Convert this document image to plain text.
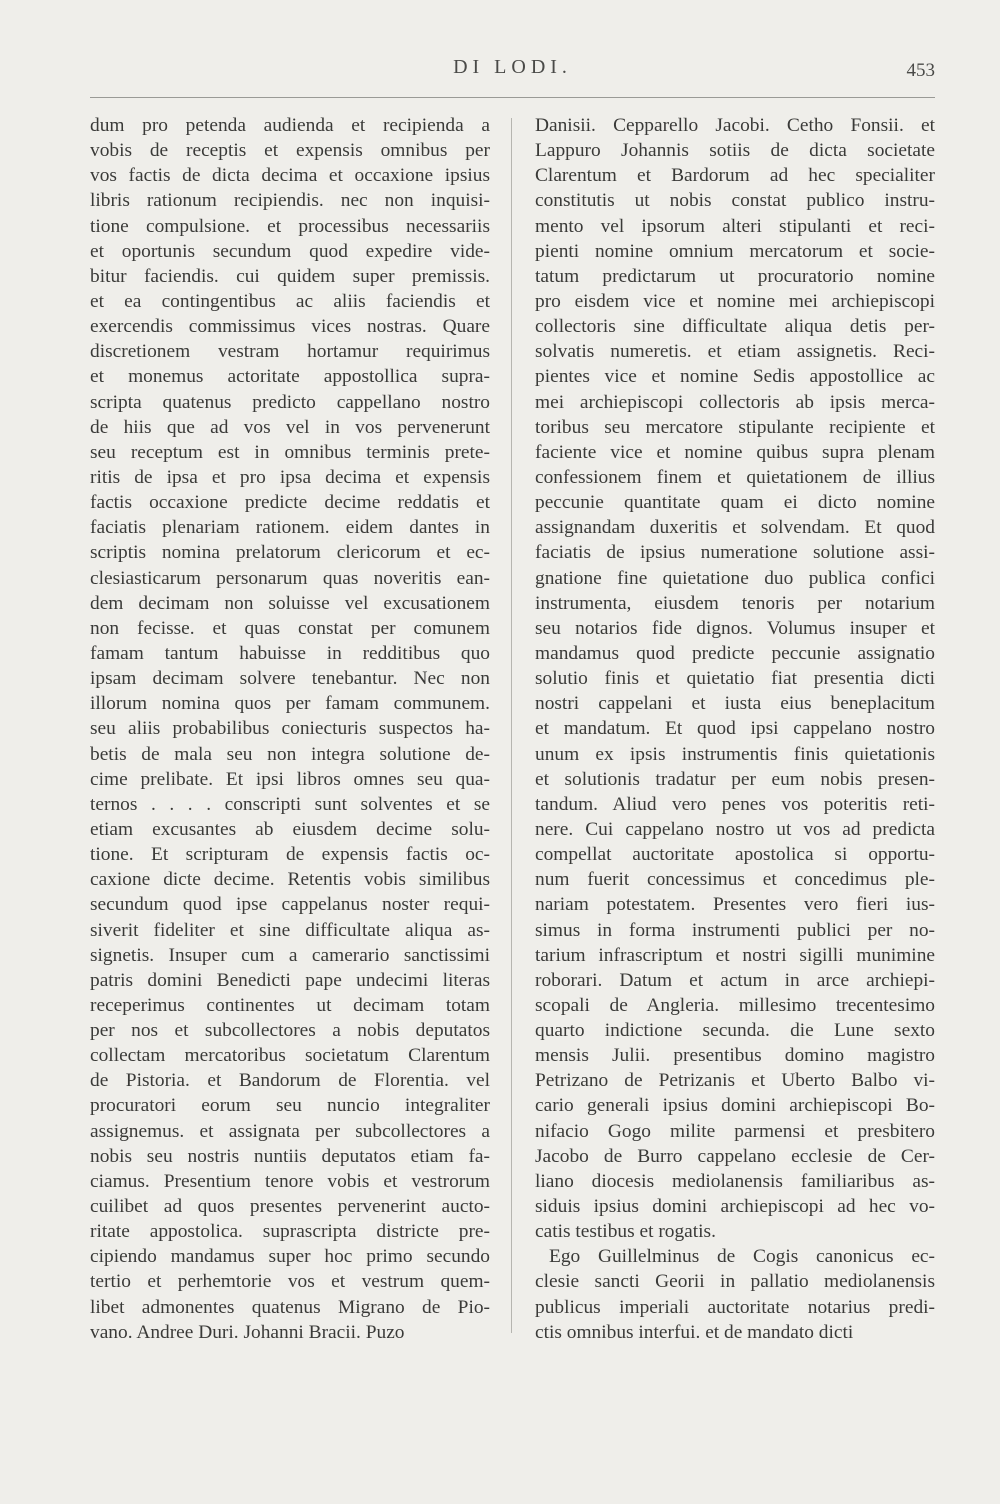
DI LODI.	453
dum pro petenda audienda et recipienda a
vobis de receptis et expensis omnibus per
vos factis de dicta decima et occaxione ipsius
libris rationum recipiendis. nec non inquisi-
tione compulsione. et processibus necessariis
et oportunis secundum quod expedire vide-
bitur faciendis. cui quidem super premissis.
et ea contingentibus ac aliis faciendis et
exercendis commissimus vices nostras. Quare
discretionem vestram hortamur requirimus
et monemus actoritate appostollica supra-
scripta quatenus predicto cappellano nostro
de hiis que ad vos vel in vos pervenerunt
seu receptum est in omnibus terminis prete-
ritis de ipsa et pro ipsa decima et expensis
factis occaxione predicte decime reddatis et
faciatis plenariam rationem. eidem dantes in
scriptis nomina prelatorum clericorum et ec-
clesiasticarum personarum quas noveritis ean-
dem decimam non soluisse vel excusationem
non fecisse. et quas constat per comunem
famam tantum habuisse in redditibus quo
ipsam decimam solvere tenebantur. Nec non
illorum nomina quos per famam communem.
seu aliis probabilibus coniecturis suspectos ha-
betis de mala seu non integra solutione de-
cime prelibate. Et ipsi libros omnes seu qua-
ternos . . . . conscripti sunt solventes et se
etiam excusantes ab eiusdem decime solu-
tione. Et scripturam de expensis factis oc-
caxione dicte decime. Retentis vobis similibus
secundum quod ipse cappelanus noster requi-
siverit fideliter et sine difficultate aliqua as-
signetis. Insuper cum a camerario sanctissimi
patris domini Benedicti pape undecimi literas
receperimus continentes ut decimam totam
per nos et subcollectores a nobis deputatos
collectam mercatoribus societatum Clarentum
de Pistoria. et Bandorum de Florentia. vel
procuratori eorum seu nuncio integraliter
assignemus. et assignata per subcollectores a
nobis seu nostris nuntiis deputatos etiam fa-
ciamus. Presentium tenore vobis et vestrorum
cuilibet ad quos presentes pervenerint aucto-
ritate appostolica. suprascripta districte pre-
cipiendo mandamus super hoc primo secundo
tertio et perhemtorie vos et vestrum quem-
libet admonentes quatenus Migrano de Pio-
vano. Andree Duri. Johanni Bracii. Puzo
Danisii. Cepparello Jacobi. Cetho Fonsii. et
Lappuro Johannis sotiis de dicta societate
Clarentum et Bardorum ad hec specialiter
constitutis ut nobis constat publico instru-
mento vel ipsorum alteri stipulanti et reci-
pienti nomine omnium mercatorum et socie-
tatum predictarum ut procuratorio nomine
pro eisdem vice et nomine mei archiepiscopi
collectoris sine difficultate aliqua detis per-
solvatis numeretis. et etiam assignetis. Reci-
pientes vice et nomine Sedis appostollice ac
mei archiepiscopi collectoris ab ipsis merca-
toribus seu mercatore stipulante recipiente et
faciente vice et nomine quibus supra plenam
confessionem finem et quietationem de illius
peccunie quantitate quam ei dicto nomine
assignandam duxeritis et solvendam. Et quod
faciatis de ipsius numeratione solutione assi-
gnatione fine quietatione duo publica confici
instrumenta, eiusdem tenoris per notarium
seu notarios fide dignos. Volumus insuper et
mandamus quod predicte peccunie assignatio
solutio finis et quietatio fiat presentia dicti
nostri cappelani et iusta eius beneplacitum
et mandatum. Et quod ipsi cappelano nostro
unum ex ipsis instrumentis finis quietationis
et solutionis tradatur per eum nobis presen-
tandum. Aliud vero penes vos poteritis reti-
nere. Cui cappelano nostro ut vos ad predicta
compellat auctoritate apostolica si opportu-
num fuerit concessimus et concedimus ple-
nariam potestatem. Presentes vero fieri ius-
simus in forma instrumenti publici per no-
tarium infrascriptum et nostri sigilli munimine
roborari. Datum et actum in arce archiepi-
scopali de Angleria. millesimo trecentesimo
quarto indictione secunda. die Lune sexto
mensis Julii. presentibus domino magistro
Petrizano de Petrizanis et Uberto Balbo vi-
cario generali ipsius domini archiepiscopi Bo-
nifacio Gogo milite parmensi et presbitero
Jacobo de Burro cappelano ecclesie de Cer-
liano diocesis mediolanensis familiaribus as-
siduis ipsius domini archiepiscopi ad hec vo-
catis testibus et rogatis.
Ego Guillelminus de Cogis canonicus ec-
clesie sancti Georii in pallatio mediolanensis
publicus imperiali auctoritate notarius predi-
ctis omnibus interfui. et de mandato dicti
